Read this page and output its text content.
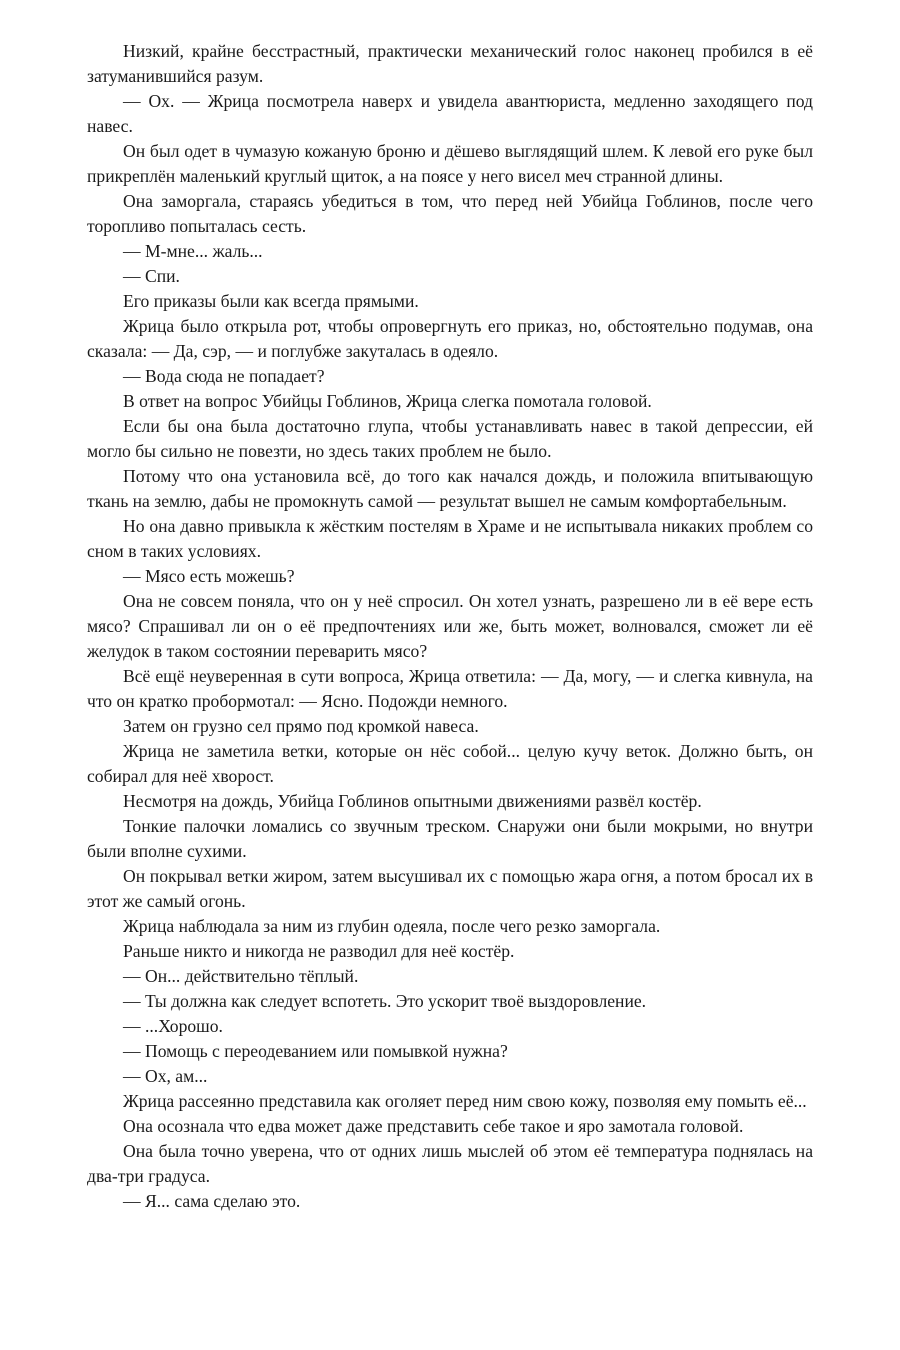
Низкий, крайне бесстрастный, практически механический голос наконец пробился в её затуманившийся разум.

— Ох. — Жрица посмотрела наверх и увидела авантюриста, медленно заходящего под навес.

Он был одет в чумазую кожаную броню и дёшево выглядящий шлем. К левой его руке был прикреплён маленький круглый щиток, а на поясе у него висел меч странной длины.

Она заморгала, стараясь убедиться в том, что перед ней Убийца Гоблинов, после чего торопливо попыталась сесть.

— М-мне... жаль...

— Спи.

Его приказы были как всегда прямыми.

Жрица было открыла рот, чтобы опровергнуть его приказ, но, обстоятельно подумав, она сказала: — Да, сэр, — и поглубже закуталась в одеяло.

— Вода сюда не попадает?

В ответ на вопрос Убийцы Гоблинов, Жрица слегка помотала головой.

Если бы она была достаточно глупа, чтобы устанавливать навес в такой депрессии, ей могло бы сильно не повезти, но здесь таких проблем не было.

Потому что она установила всё, до того как начался дождь, и положила впитывающую ткань на землю, дабы не промокнуть самой — результат вышел не самым комфортабельным.

Но она давно привыкла к жёстким постелям в Храме и не испытывала никаких проблем со сном в таких условиях.

— Мясо есть можешь?

Она не совсем поняла, что он у неё спросил. Он хотел узнать, разрешено ли в её вере есть мясо? Спрашивал ли он о её предпочтениях или же, быть может, волновался, сможет ли её желудок в таком состоянии переварить мясо?

Всё ещё неуверенная в сути вопроса, Жрица ответила: — Да, могу, — и слегка кивнула, на что он кратко пробормотал: — Ясно. Подожди немного.

Затем он грузно сел прямо под кромкой навеса.

Жрица не заметила ветки, которые он нёс собой... целую кучу веток. Должно быть, он собирал для неё хворост.

Несмотря на дождь, Убийца Гоблинов опытными движениями развёл костёр.

Тонкие палочки ломались со звучным треском. Снаружи они были мокрыми, но внутри были вполне сухими.

Он покрывал ветки жиром, затем высушивал их с помощью жара огня, а потом бросал их в этот же самый огонь.

Жрица наблюдала за ним из глубин одеяла, после чего резко заморгала.

Раньше никто и никогда не разводил для неё костёр.

— Он... действительно тёплый.

— Ты должна как следует вспотеть. Это ускорит твоё выздоровление.

— ...Хорошо.

— Помощь с переодеванием или помывкой нужна?

— Ох, ам...

Жрица рассеянно представила как оголяет перед ним свою кожу, позволяя ему помыть её...

Она осознала что едва может даже представить себе такое и яро замотала головой.

Она была точно уверена, что от одних лишь мыслей об этом её температура поднялась на два-три градуса.

— Я... сама сделаю это.
